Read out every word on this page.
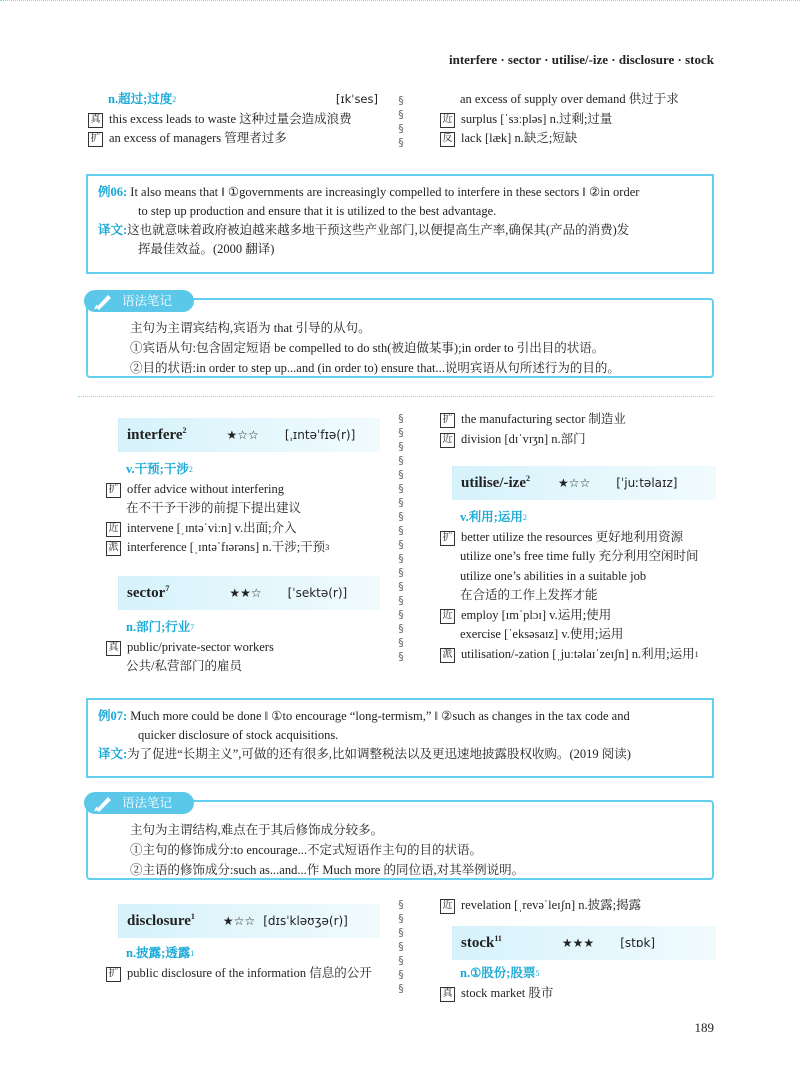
interfere · sector · utilise/-ize · disclosure · stock
n.超过;过度 2	[ɪkˈses]
真 this excess leads to waste 这种过量会造成浪费
扩 an excess of managers 管理者过多
§
§
§
§
an excess of supply over demand 供过于求
近 surplus [ˈsɜːpləs] n.过剩;过量
反 lack [læk] n.缺乏;短缺
例06: It also means that ‖ ①governments are increasingly compelled to interfere in these sectors ‖ ②in order
to step up production and ensure that it is utilized to the best advantage.
译文:这也就意味着政府被迫越来越多地干预这些产业部门,以便提高生产率,确保其(产品的消费)发
挥最佳效益。(2000 翻译)
语法笔记
主句为主谓宾结构,宾语为 that 引导的从句。
①宾语从句:包含固定短语 be compelled to do sth(被迫做某事);in order to 引出目的状语。
②目的状语:in order to step up...and (in order to) ensure that...说明宾语从句所述行为的目的。
interfere$^2$	★☆☆ [ˌɪntəˈfɪə(r)]
v.干预;干涉 2
扩 offer advice without interfering
在不干予干涉的前提下提出建议
近 intervene [ˌɪntəˈviːn] v.出面;介入
派 interference [ˌɪntəˈfɪərəns] n.干涉;干预 3
sector$^7$	★★☆ [ˈsektə(r)]
n.部门;行业 7
真 public/private-sector workers
公共/私营部门的雇员
§
§
§
§
§
§
§
§
§
§
§
§
§
§
§
§
§
§
扩 the manufacturing sector 制造业
近 division [dɪˈvɪʒn] n.部门
utilise/-ize$^2$ ★☆☆ [ˈjuːtəlaɪz]
v.利用;运用 2
扩 better utilize the resources 更好地利用资源
utilize one’s free time fully 充分利用空闲时间
utilize one’s abilities in a suitable job
在合适的工作上发挥才能
近 employ [ɪmˈplɔɪ] v.运用;使用
exercise [ˈeksəsaɪz] v.使用;运用
派 utilisation/-zation [ˌjuːtəlaɪˈzeɪʃn] n.利用;运用 1
例07: Much more could be done ‖ ①to encourage “long-termism,” ‖ ②such as changes in the tax code and
quicker disclosure of stock acquisitions.
译文:为了促进“长期主义”,可做的还有很多,比如调整税法以及更迅速地披露股权收购。(2019 阅读)
语法笔记
主句为主谓结构,难点在于其后修饰成分较多。
①主句的修饰成分:to encourage...不定式短语作主句的目的状语。
②主语的修饰成分:such as...and...作 Much more 的同位语,对其举例说明。
disclosure$^1$ ★☆☆ [dɪsˈkləʊʒə(r)]
n.披露;透露 1
扩 public disclosure of the information 信息的公开
§
§
§
§
§
§
§
近 revelation [ˌrevəˈleɪʃn] n.披露;揭露
stock$^{11}$	★★★ [stɒk]
n.①股份;股票 5
真 stock market 股市
189
